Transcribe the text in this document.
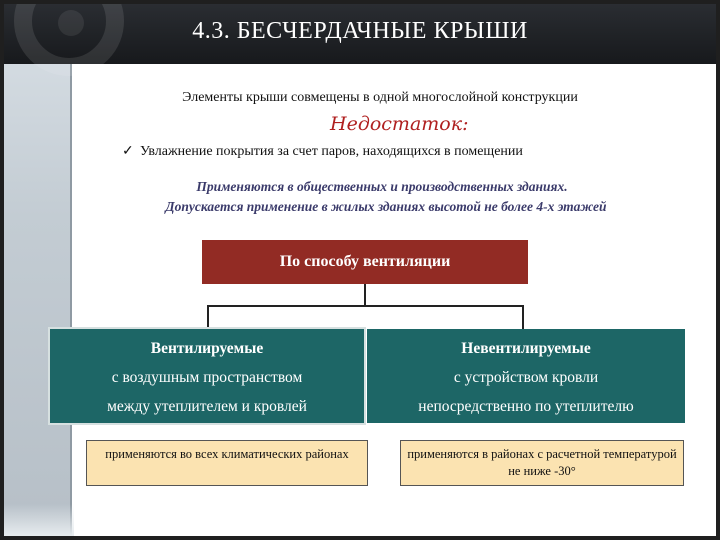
4.3. БЕСЧЕРДАЧНЫЕ КРЫШИ
Элементы крыши совмещены в одной многослойной конструкции
Недостаток:
✓ Увлажнение покрытия за счет паров, находящихся в помещении
Применяются в общественных и производственных зданиях.
Допускается применение в жилых зданиях высотой не более 4-х этажей
По способу вентиляции
Вентилируемые
с воздушным пространством
между утеплителем и кровлей
Невентилируемые
с устройством кровли
непосредственно по утеплителю
применяются во всех климатических районах	применяются в районах с расчетной температурой не ниже -30°
